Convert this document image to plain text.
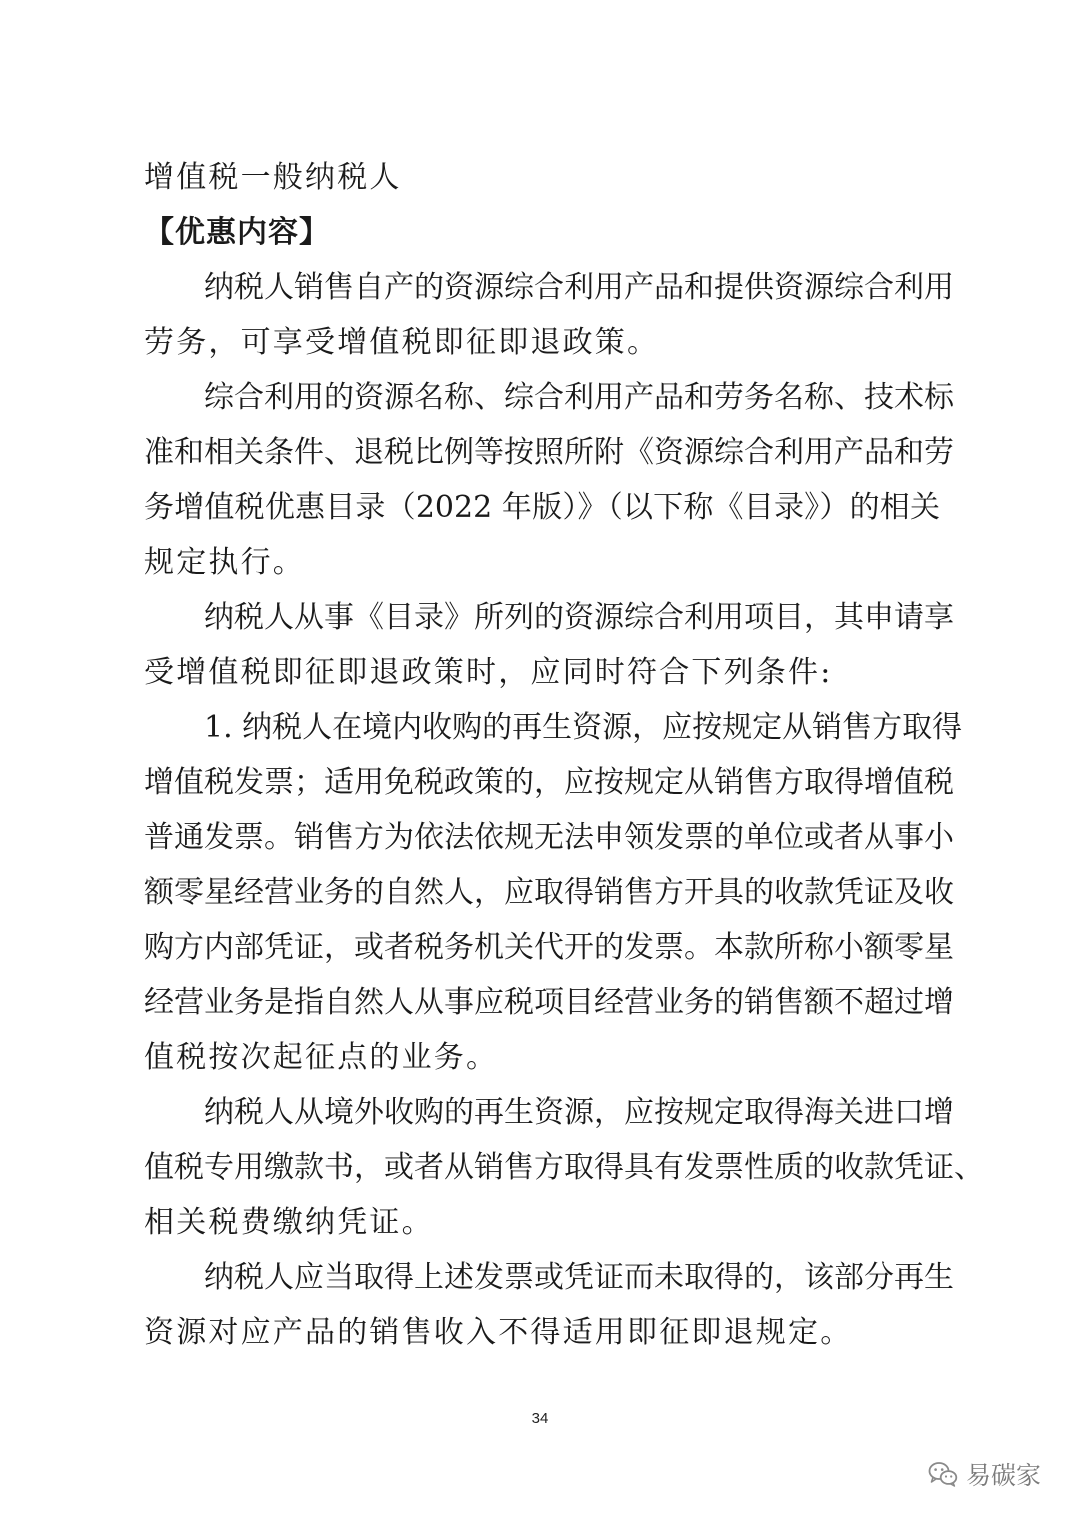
增值税一般纳税人
【优惠内容】
纳税人销售自产的资源综合利用产品和提供资源综合利用
劳务，可享受增值税即征即退政策。
综合利用的资源名称、综合利用产品和劳务名称、技术标
准和相关条件、退税比例等按照所附《资源综合利用产品和劳
务增值税优惠目录（2022 年版）》（以下称《目录》）的相关
规定执行。
纳税人从事《目录》所列的资源综合利用项目，其申请享
受增值税即征即退政策时，应同时符合下列条件:
1. 纳税人在境内收购的再生资源，应按规定从销售方取得
增值税发票；适用免税政策的，应按规定从销售方取得增值税
普通发票。销售方为依法依规无法申领发票的单位或者从事小
额零星经营业务的自然人，应取得销售方开具的收款凭证及收
购方内部凭证，或者税务机关代开的发票。本款所称小额零星
经营业务是指自然人从事应税项目经营业务的销售额不超过增
值税按次起征点的业务。
纳税人从境外收购的再生资源，应按规定取得海关进口增
值税专用缴款书，或者从销售方取得具有发票性质的收款凭证、
相关税费缴纳凭证。
纳税人应当取得上述发票或凭证而未取得的，该部分再生
资源对应产品的销售收入不得适用即征即退规定。
34
易碳家
